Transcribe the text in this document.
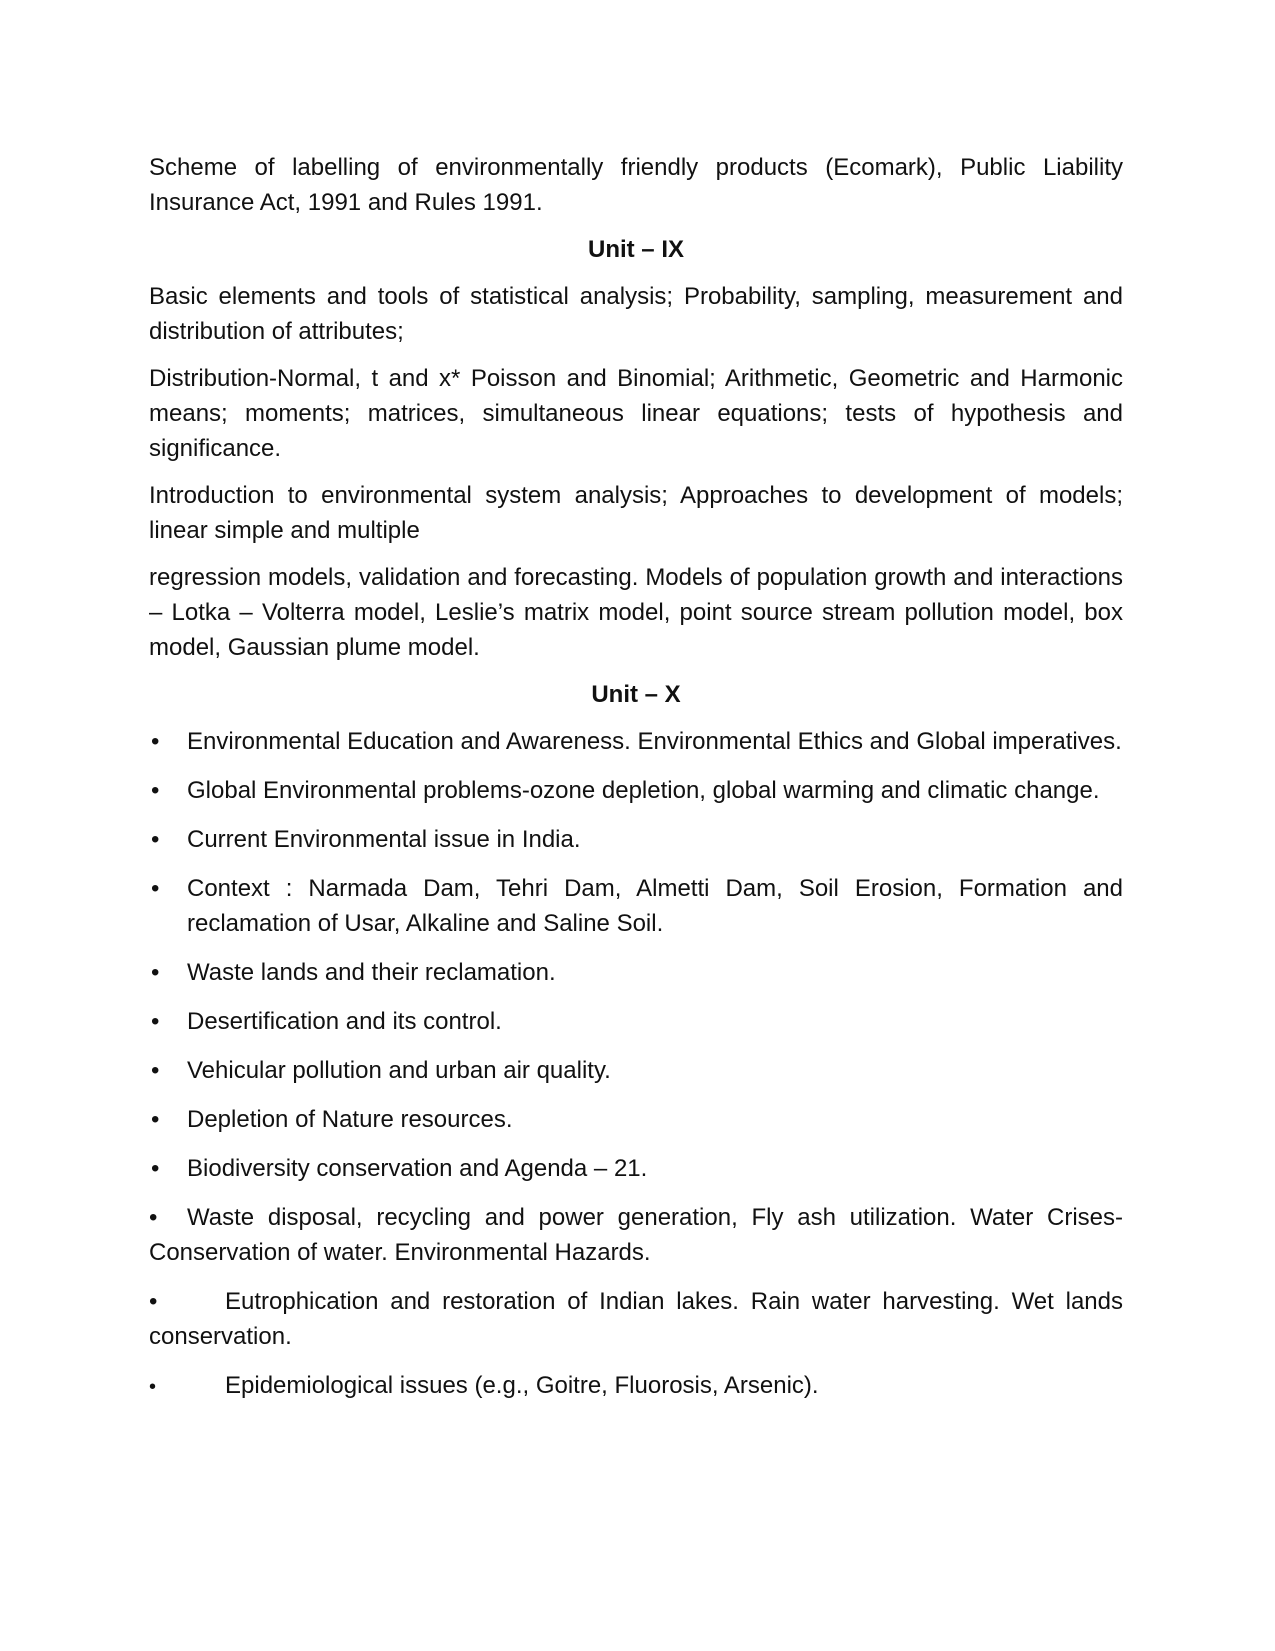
Scheme of labelling of environmentally friendly products (Ecomark), Public Liability Insurance Act, 1991 and Rules 1991.

Unit – IX

Basic elements and tools of statistical analysis; Probability, sampling, measurement and distribution of attributes;

Distribution-Normal, t and x* Poisson and Binomial; Arithmetic, Geometric and Harmonic means; moments; matrices, simultaneous linear equations; tests of hypothesis and significance.

Introduction to environmental system analysis; Approaches to development of models; linear simple and multiple

regression models, validation and forecasting. Models of population growth and interactions – Lotka – Volterra model, Leslie’s matrix model, point source stream pollution model, box model, Gaussian plume model.

Unit – X
• Environmental Education and Awareness. Environmental Ethics and Global imperatives.
• Global Environmental problems-ozone depletion, global warming and climatic change.
• Current Environmental issue in India.
• Context : Narmada Dam, Tehri Dam, Almetti Dam, Soil Erosion, Formation and reclamation of Usar, Alkaline and Saline Soil.
• Waste lands and their reclamation.
• Desertification and its control.
• Vehicular pollution and urban air quality.
• Depletion of Nature resources.
• Biodiversity conservation and Agenda – 21.
• Waste disposal, recycling and power generation, Fly ash utilization. Water Crises-Conservation of water. Environmental Hazards.
•	Eutrophication and restoration of Indian lakes. Rain water harvesting. Wet lands conservation.
•	Epidemiological issues (e.g., Goitre, Fluorosis, Arsenic).
